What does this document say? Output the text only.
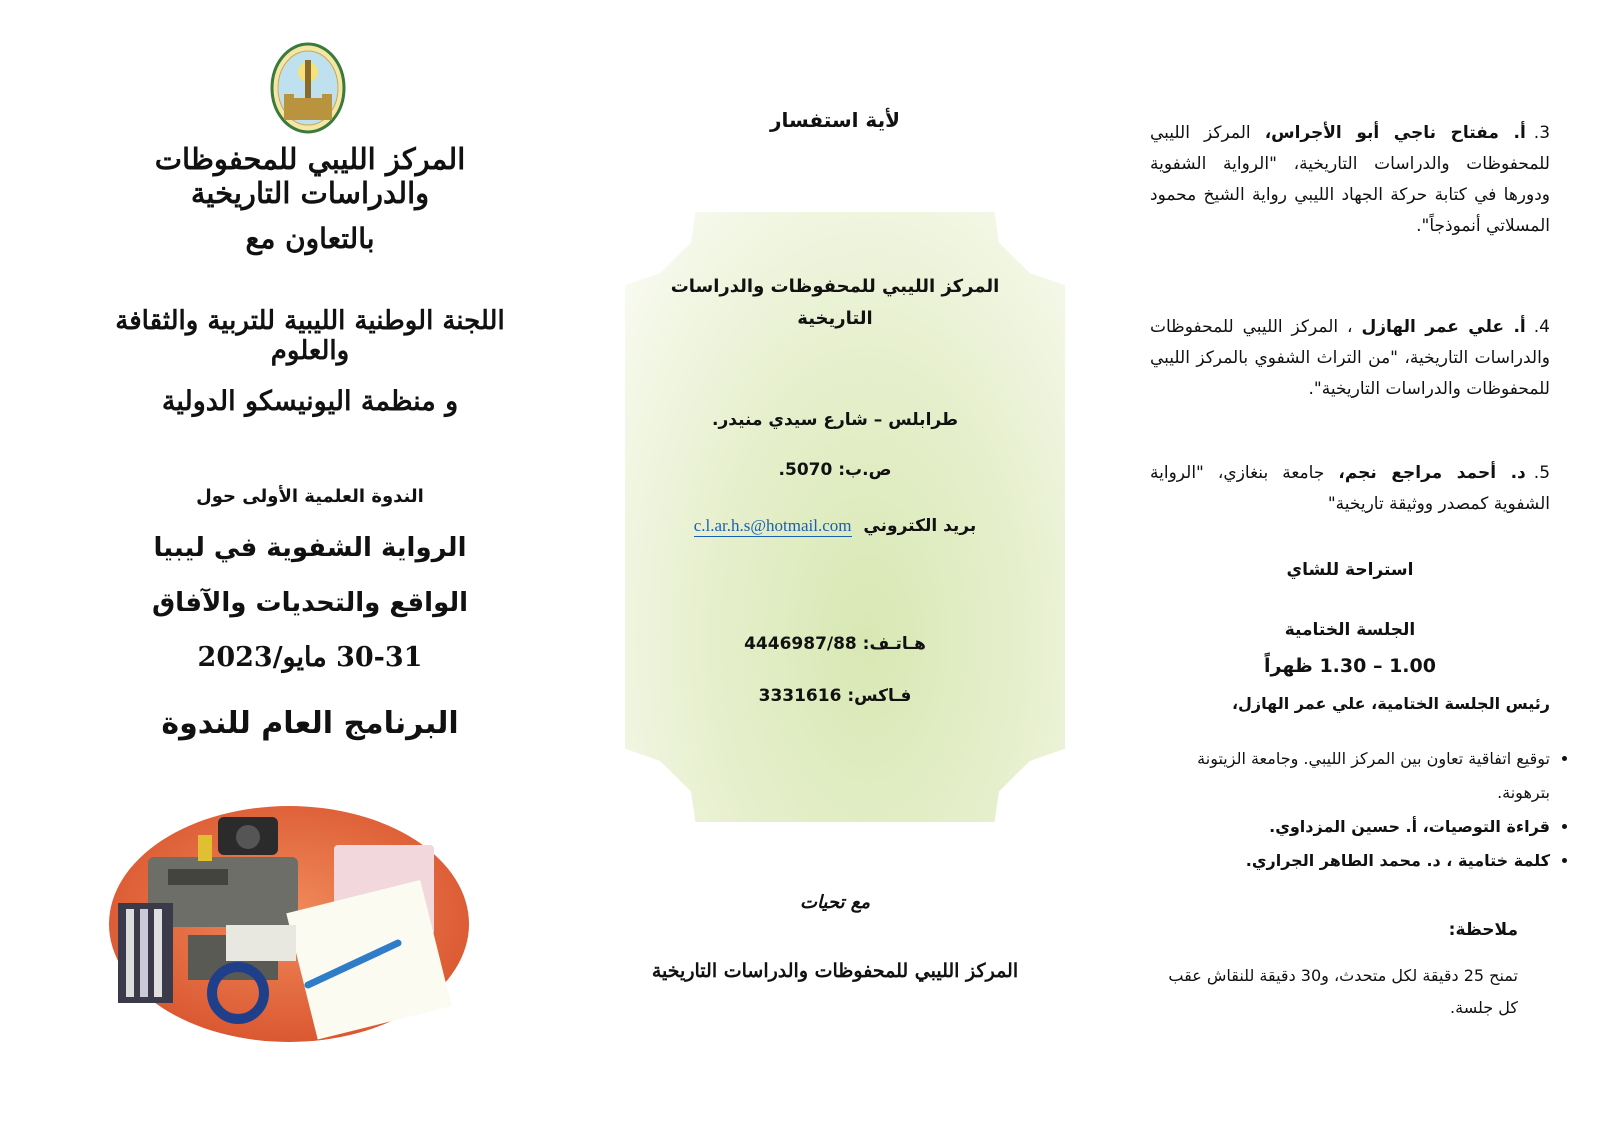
3.أ. مفتاح ناجي أبو الأجراس، المركز الليبي للمحفوظات والدراسات التاريخية، "الرواية الشفوية ودورها في كتابة حركة الجهاد الليبي رواية الشيخ محمود المسلاتي أنموذجاً".

4.أ. علي عمر الهازل ، المركز الليبي للمحفوظات والدراسات التاريخية، "من التراث الشفوي بالمركز الليبي للمحفوظات والدراسات التاريخية".

5.د. أحمد مراجع نجم، جامعة بنغازي، "الرواية الشفوية كمصدر ووثيقة تاريخية"

استراحة للشاي
الجلسة الختامية
1.00 – 1.30 ظهراً
رئيس الجلسة الختامية، علي عمر الهازل،
• توقيع اتفاقية تعاون بين المركز الليبي. وجامعة الزيتونة بترهونة.
• قراءة التوصيات، أ. حسين المزداوي.
• كلمة ختامية ، د. محمد الطاهر الجراري.
ملاحظة:
تمنح 25 دقيقة لكل متحدث، و30 دقيقة للنقاش عقب كل جلسة.
لأية استفسار
المركز الليبي للمحفوظات والدراسات
التاريخية
طرابلس – شارع سيدي منيدر.
ص.ب: 5070.
بريد الكتروني c.l.ar.h.s@hotmail.com
هـاتـف: 4446987/88
فـاكس: 3331616
مع تحيات
المركز الليبي للمحفوظات والدراسات التاريخية
المركز الليبي للمحفوظات والدراسات التاريخية
بالتعاون مع
اللجنة الوطنية الليبية للتربية والثقافة والعلوم
و منظمة اليونيسكو الدولية
الندوة العلمية الأولى حول
الرواية الشفوية في ليبيا
الواقع والتحديات والآفاق
30-31 مايو/2023
البرنامج العام للندوة
